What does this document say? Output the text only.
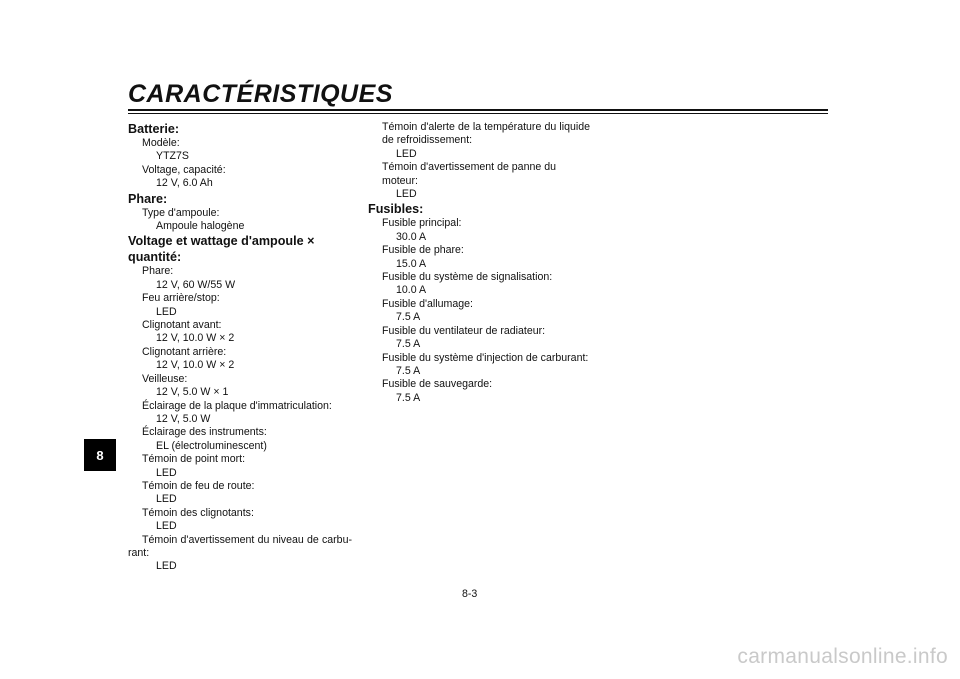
CARACTÉRISTIQUES
8
Batterie:
Modèle:
YTZ7S
Voltage, capacité:
12 V, 6.0 Ah
Phare:
Type d'ampoule:
Ampoule halogène
Voltage et wattage d'ampoule × quantité:
Phare:
12 V, 60 W/55 W
Feu arrière/stop:
LED
Clignotant avant:
12 V, 10.0 W × 2
Clignotant arrière:
12 V, 10.0 W × 2
Veilleuse:
12 V, 5.0 W × 1
Éclairage de la plaque d'immatriculation:
12 V, 5.0 W
Éclairage des instruments:
EL (électroluminescent)
Témoin de point mort:
LED
Témoin de feu de route:
LED
Témoin des clignotants:
LED
Témoin d'avertissement du niveau de carbu-
rant:
LED
Témoin d'alerte de la température du liquide
de refroidissement:
LED
Témoin d'avertissement de panne du moteur:
LED
Fusibles:
Fusible principal:
30.0 A
Fusible de phare:
15.0 A
Fusible du système de signalisation:
10.0 A
Fusible d'allumage:
7.5 A
Fusible du ventilateur de radiateur:
7.5 A
Fusible du système d'injection de carburant:
7.5 A
Fusible de sauvegarde:
7.5 A
8-3
carmanualsonline.info
